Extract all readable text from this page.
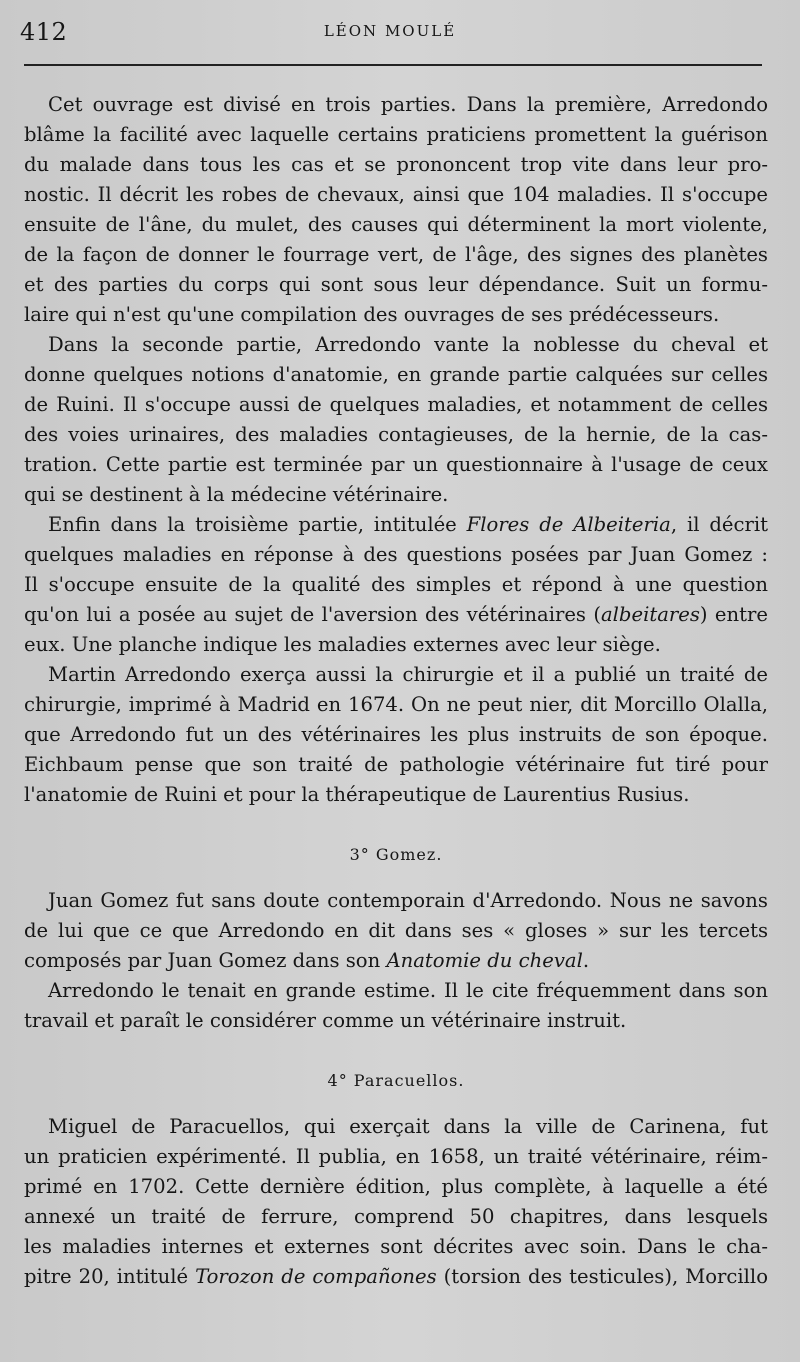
412	LÉON MOULÉ
Cet ouvrage est divisé en trois parties. Dans la première, Arredondo
blâme la facilité avec laquelle certains praticiens promettent la guérison
du malade dans tous les cas et se prononcent trop vite dans leur pro-
nostic. Il décrit les robes de chevaux, ainsi que 104 maladies. Il s'occupe
ensuite de l'âne, du mulet, des causes qui déterminent la mort violente,
de la façon de donner le fourrage vert, de l'âge, des signes des planètes
et des parties du corps qui sont sous leur dépendance. Suit un formu-
laire qui n'est qu'une compilation des ouvrages de ses prédécesseurs.
Dans la seconde partie, Arredondo vante la noblesse du cheval et
donne quelques notions d'anatomie, en grande partie calquées sur celles
de Ruini. Il s'occupe aussi de quelques maladies, et notamment de celles
des voies urinaires, des maladies contagieuses, de la hernie, de la cas-
tration. Cette partie est terminée par un questionnaire à l'usage de ceux
qui se destinent à la médecine vétérinaire.
Enfin dans la troisième partie, intitulée Flores de Albeiteria, il décrit
quelques maladies en réponse à des questions posées par Juan Gomez :
Il s'occupe ensuite de la qualité des simples et répond à une question
qu'on lui a posée au sujet de l'aversion des vétérinaires (albeitares) entre
eux. Une planche indique les maladies externes avec leur siège.
Martin Arredondo exerça aussi la chirurgie et il a publié un traité de
chirurgie, imprimé à Madrid en 1674. On ne peut nier, dit Morcillo Olalla,
que Arredondo fut un des vétérinaires les plus instruits de son époque.
Eichbaum pense que son traité de pathologie vétérinaire fut tiré pour
l'anatomie de Ruini et pour la thérapeutique de Laurentius Rusius.
3° Gomez.
Juan Gomez fut sans doute contemporain d'Arredondo. Nous ne savons
de lui que ce que Arredondo en dit dans ses « gloses » sur les tercets
composés par Juan Gomez dans son Anatomie du cheval.
Arredondo le tenait en grande estime. Il le cite fréquemment dans son
travail et paraît le considérer comme un vétérinaire instruit.
4° Paracuellos.
Miguel de Paracuellos, qui exerçait dans la ville de Carinena, fut
un praticien expérimenté. Il publia, en 1658, un traité vétérinaire, réim-
primé en 1702. Cette dernière édition, plus complète, à laquelle a été
annexé un traité de ferrure, comprend 50 chapitres, dans lesquels
les maladies internes et externes sont décrites avec soin. Dans le cha-
pitre 20, intitulé Torozon de compañones (torsion des testicules), Morcillo
